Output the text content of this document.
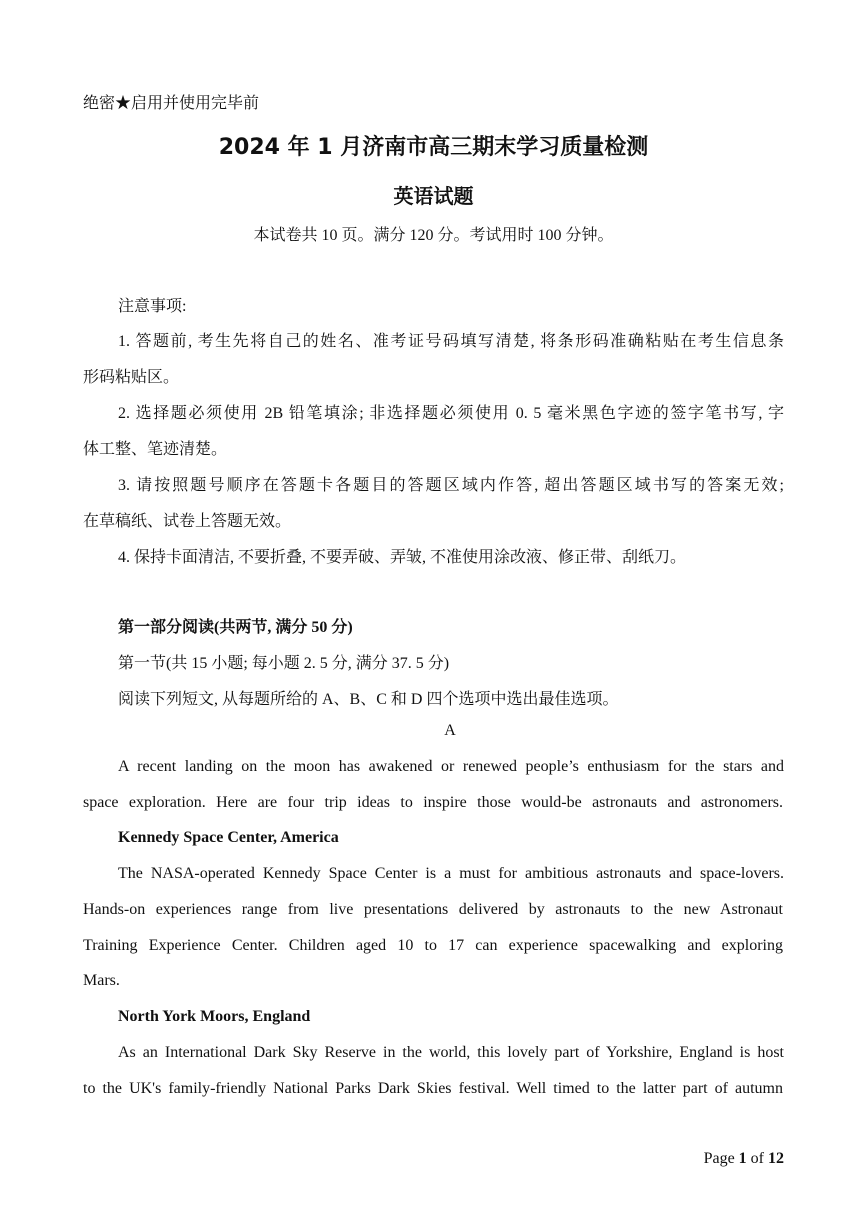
绝密★启用并使用完毕前
2024 年 1 月济南市高三期末学习质量检测
英语试题
本试卷共 10 页。满分 120 分。考试用时 100 分钟。
注意事项:
1. 答题前, 考生先将自己的姓名、准考证号码填写清楚, 将条形码准确粘贴在考生信息条
形码粘贴区。
2. 选择题必须使用 2B 铅笔填涂; 非选择题必须使用 0. 5 毫米黑色字迹的签字笔书写, 字
体工整、笔迹清楚。
3. 请按照题号顺序在答题卡各题目的答题区域内作答, 超出答题区域书写的答案无效;
在草稿纸、试卷上答题无效。
4. 保持卡面清洁, 不要折叠, 不要弄破、弄皱, 不准使用涂改液、修正带、刮纸刀。
第一部分阅读(共两节, 满分 50 分)
第一节(共 15 小题; 每小题 2. 5 分, 满分 37. 5 分)
阅读下列短文, 从每题所给的 A、B、C 和 D 四个选项中选出最佳选项。
A
A recent landing on the moon has awakened or renewed people’s enthusiasm for the stars and
space exploration. Here are four trip ideas to inspire those would-be astronauts and astronomers.
Kennedy Space Center, America
The NASA-operated Kennedy Space Center is a must for ambitious astronauts and space-lovers.
Hands-on experiences range from live presentations delivered by astronauts to the new Astronaut
Training Experience Center. Children aged 10 to 17 can experience spacewalking and exploring
Mars.
North York Moors, England
As an International Dark Sky Reserve in the world, this lovely part of Yorkshire, England is host
to the UK's family-friendly National Parks Dark Skies festival. Well timed to the latter part of autumn
Page 1 of 12
